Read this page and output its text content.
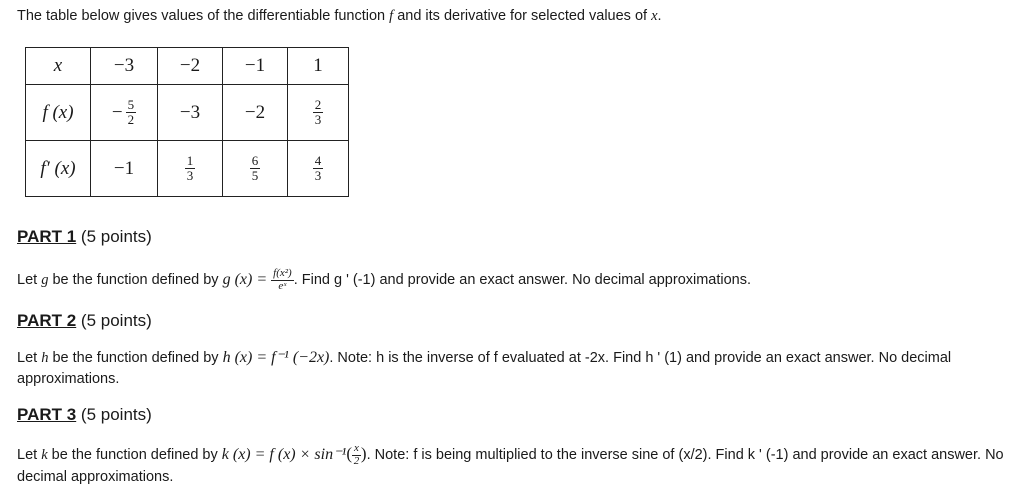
The table below gives values of the differentiable function f and its derivative for selected values of x.
x	−3	−2	−1	1
f (x)	− $\frac{5}{2}$	−3	−2	$\frac{2}{3}$

f′ (x)	−1	$\frac{1}{3}$	$\frac{6}{5}$	$\frac{4}{3}$
PART 1 (5 points)
Let g be the function defined by g $(x) = \frac{\text{f(x²)}}{\text{eˣ}}$ . Find g ' (-1) and provide an exact answer. No decimal approximations.
PART 2 (5 points)
Let h be the function defined by h (x) = f⁻¹ (−2x). Note: h is the inverse of f evaluated at -2x. Find h ' (1) and provide an exact answer. No decimal approximations.
PART 3 (5 points)
Let k be the function defined by k (x) = f $(x) \times \sin^{-1}( \frac{x}{2}$ ). Note: f is being multiplied to the inverse sine of (x/2). Find k ' (-1) and provide an exact answer. No decimal approximations.
